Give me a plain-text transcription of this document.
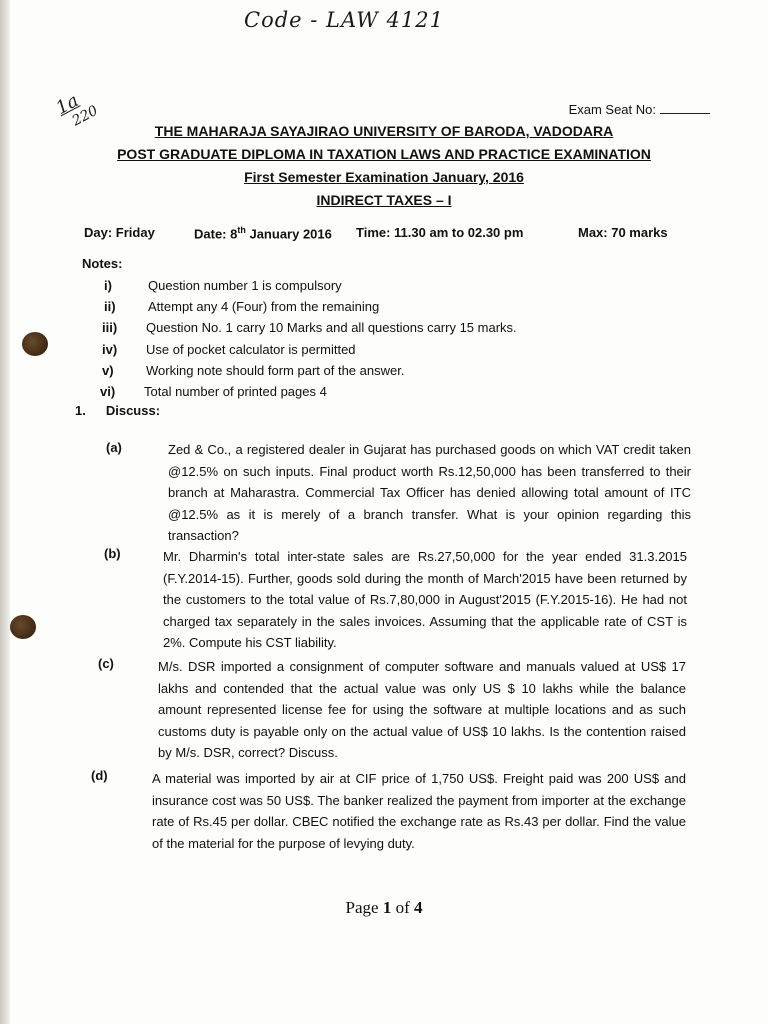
Code - LAW 4121
1a
220	Exam Seat No:
THE MAHARAJA SAYAJIRAO UNIVERSITY OF BARODA, VADODARA
POST GRADUATE DIPLOMA IN TAXATION LAWS AND PRACTICE EXAMINATION
First Semester Examination January, 2016
INDIRECT TAXES – I
Day: Friday	Date: 8th January 2016 Time: 11.30 am to 02.30 pm	Max: 70 marks
Notes:
i)	Question number 1 is compulsory
ii) Attempt any 4 (Four) from the remaining
iii) Question No. 1 carry 10 Marks and all questions carry 15 marks.
iv) Use of pocket calculator is permitted
v) Working note should form part of the answer.
vi) Total number of printed pages 4
1. Discuss:
(a)	Zed & Co., a registered dealer in Gujarat has purchased goods on which VAT credit taken @12.5% on such inputs. Final product worth Rs.12,50,000 has been transferred to their branch at Maharastra. Commercial Tax Officer has denied allowing total amount of ITC @12.5% as it is merely of a branch transfer. What is your opinion regarding this transaction?
(b)	Mr. Dharmin's total inter-state sales are Rs.27,50,000 for the year ended 31.3.2015 (F.Y.2014-15). Further, goods sold during the month of March'2015 have been returned by the customers to the total value of Rs.7,80,000 in August'2015 (F.Y.2015-16). He had not charged tax separately in the sales invoices. Assuming that the applicable rate of CST is 2%. Compute his CST liability.
(c)	M/s. DSR imported a consignment of computer software and manuals valued at US$ 17 lakhs and contended that the actual value was only US $ 10 lakhs while the balance amount represented license fee for using the software at multiple locations and as such customs duty is payable only on the actual value of US$ 10 lakhs. Is the contention raised by M/s. DSR, correct? Discuss.
(d)	A material was imported by air at CIF price of 1,750 US$. Freight paid was 200 US$ and insurance cost was 50 US$. The banker realized the payment from importer at the exchange rate of Rs.45 per dollar. CBEC notified the exchange rate as Rs.43 per dollar. Find the value of the material for the purpose of levying duty.
Page 1 of 4
